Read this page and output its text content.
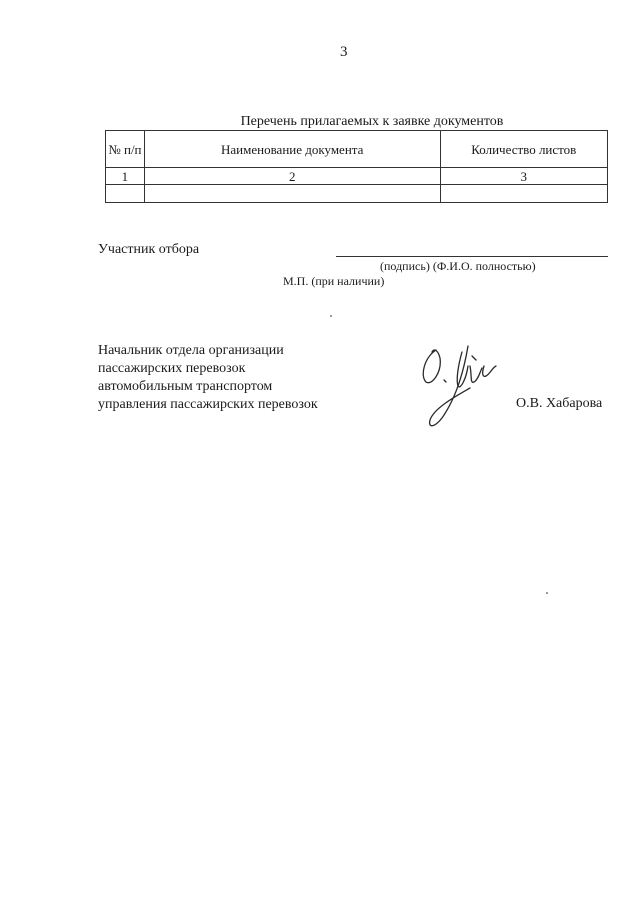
3
Перечень прилагаемых к заявке документов
№ п/п	Наименование документа	Количество листов
1	2	3

Участник отбора
(подпись) (Ф.И.О. полностью)
М.П. (при наличии)
Начальник отдела организации
пассажирских перевозок
автомобильным транспортом
управления пассажирских перевозок	О.В. Хабарова
